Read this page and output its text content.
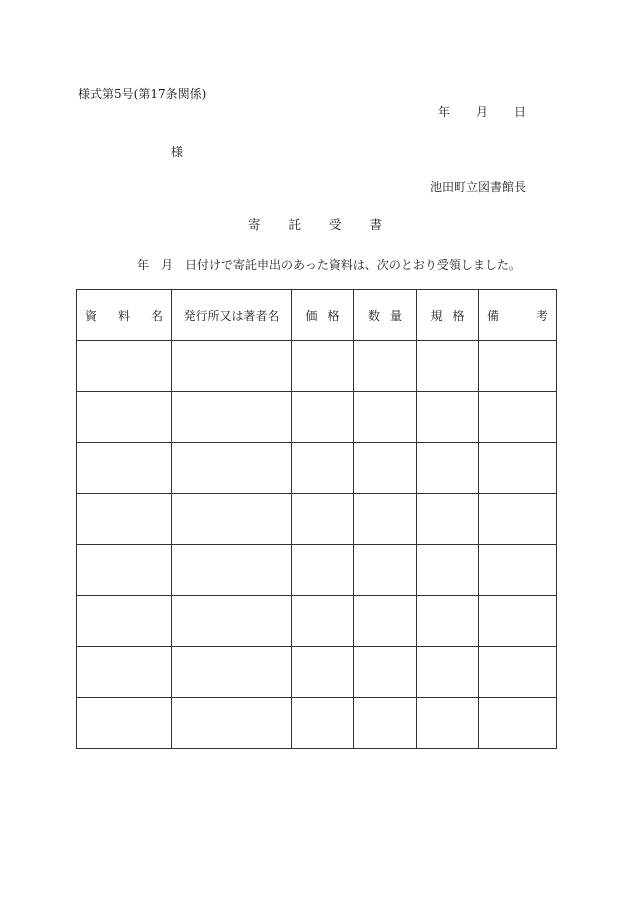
様式第5号(第17条関係)
年 月 日
様
池田町立図書館長
寄 託 受 書
年　月　日付けで寄託申出のあった資料は、次のとおり受領しました。
資 料 名	発行所又は著者名	価 格	数 量	規 格	備 考
